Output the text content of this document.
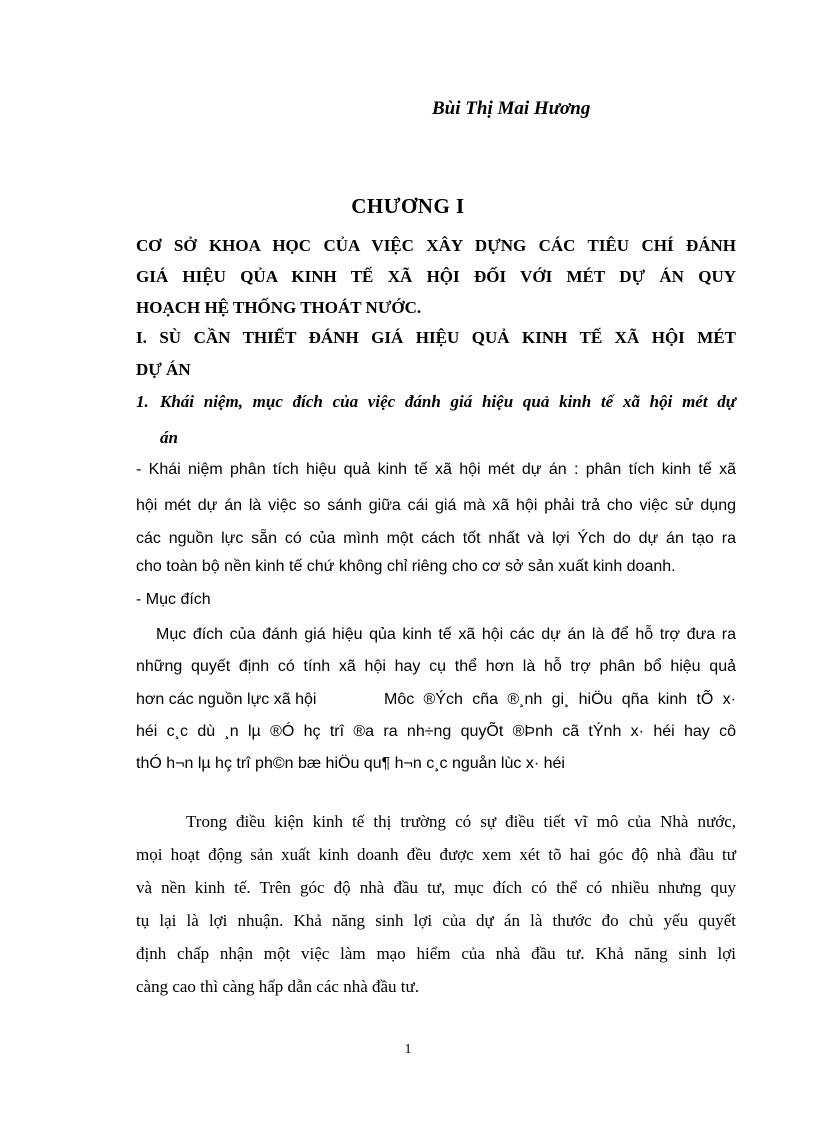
Bùi Thị Mai Hương
CHƯƠNG I
CƠ SỞ KHOA HỌC CỦA VIỆC XÂY DỰNG CÁC TIÊU CHÍ ĐÁNH
GIÁ HIỆU QỦA KINH TẾ XÃ HỘI ĐỐI VỚI MÉT DỰ ÁN QUY
HOẠCH HỆ THỐNG THOÁT NƯỚC.
I. SÙ CẦN THIẾT ĐÁNH GIÁ HIỆU QUẢ KINH TẾ XÃ HỘI MÉT
DỰ ÁN
1. Khái niệm, mục đích của việc đánh giá hiệu quả kinh tế xã hội mét dự
án
- Khái niệm phân tích hiệu quả kinh tế xã hội mét dự án : phân tích kinh tế xã
hội mét dự án là việc so sánh giữa cái giá mà xã hội phải trả cho việc sử dụng
các nguồn lực sẵn có của mình một cách tốt nhất và lợi Ých do dự án tạo ra
cho toàn bộ nền kinh tế chứ không chỉ riêng cho cơ sở sản xuất kinh doanh.
- Mục đích
Mục đích của đánh giá hiệu qủa kinh tế xã hội các dự án là để hỗ trợ đưa ra
những quyết định có tính xã hội hay cụ thể hơn là hỗ trợ phân bổ hiệu quả
hơn các nguồn lực xã hội	Môc ®Ých cña ®¸nh gi¸ hiÖu qña kinh tÕ x·
héi c¸c dù ¸n lµ ®Ó hç trî ®a ra nh÷ng quyÕt ®Þnh cã tÝnh x· héi hay cô
thÓ h¬n lµ hç trî ph©n bæ hiÖu qu¶ h¬n c¸c nguån lùc x· héi
Trong điều kiện kinh tế thị trường có sự điều tiết vĩ mô của Nhà nước,
mọi hoạt động sản xuất kinh doanh đều được xem xét tõ hai góc độ nhà đầu tư
và nền kinh tế. Trên góc độ nhà đầu tư, mục đích có thể có nhiều nhưng quy
tụ lại là lợi nhuận. Khả năng sinh lợi của dự án là thước đo chủ yếu quyết
định chấp nhận một việc làm mạo hiểm của nhà đầu tư. Khả năng sinh lợi
càng cao thì càng hấp dẫn các nhà đầu tư.
1
